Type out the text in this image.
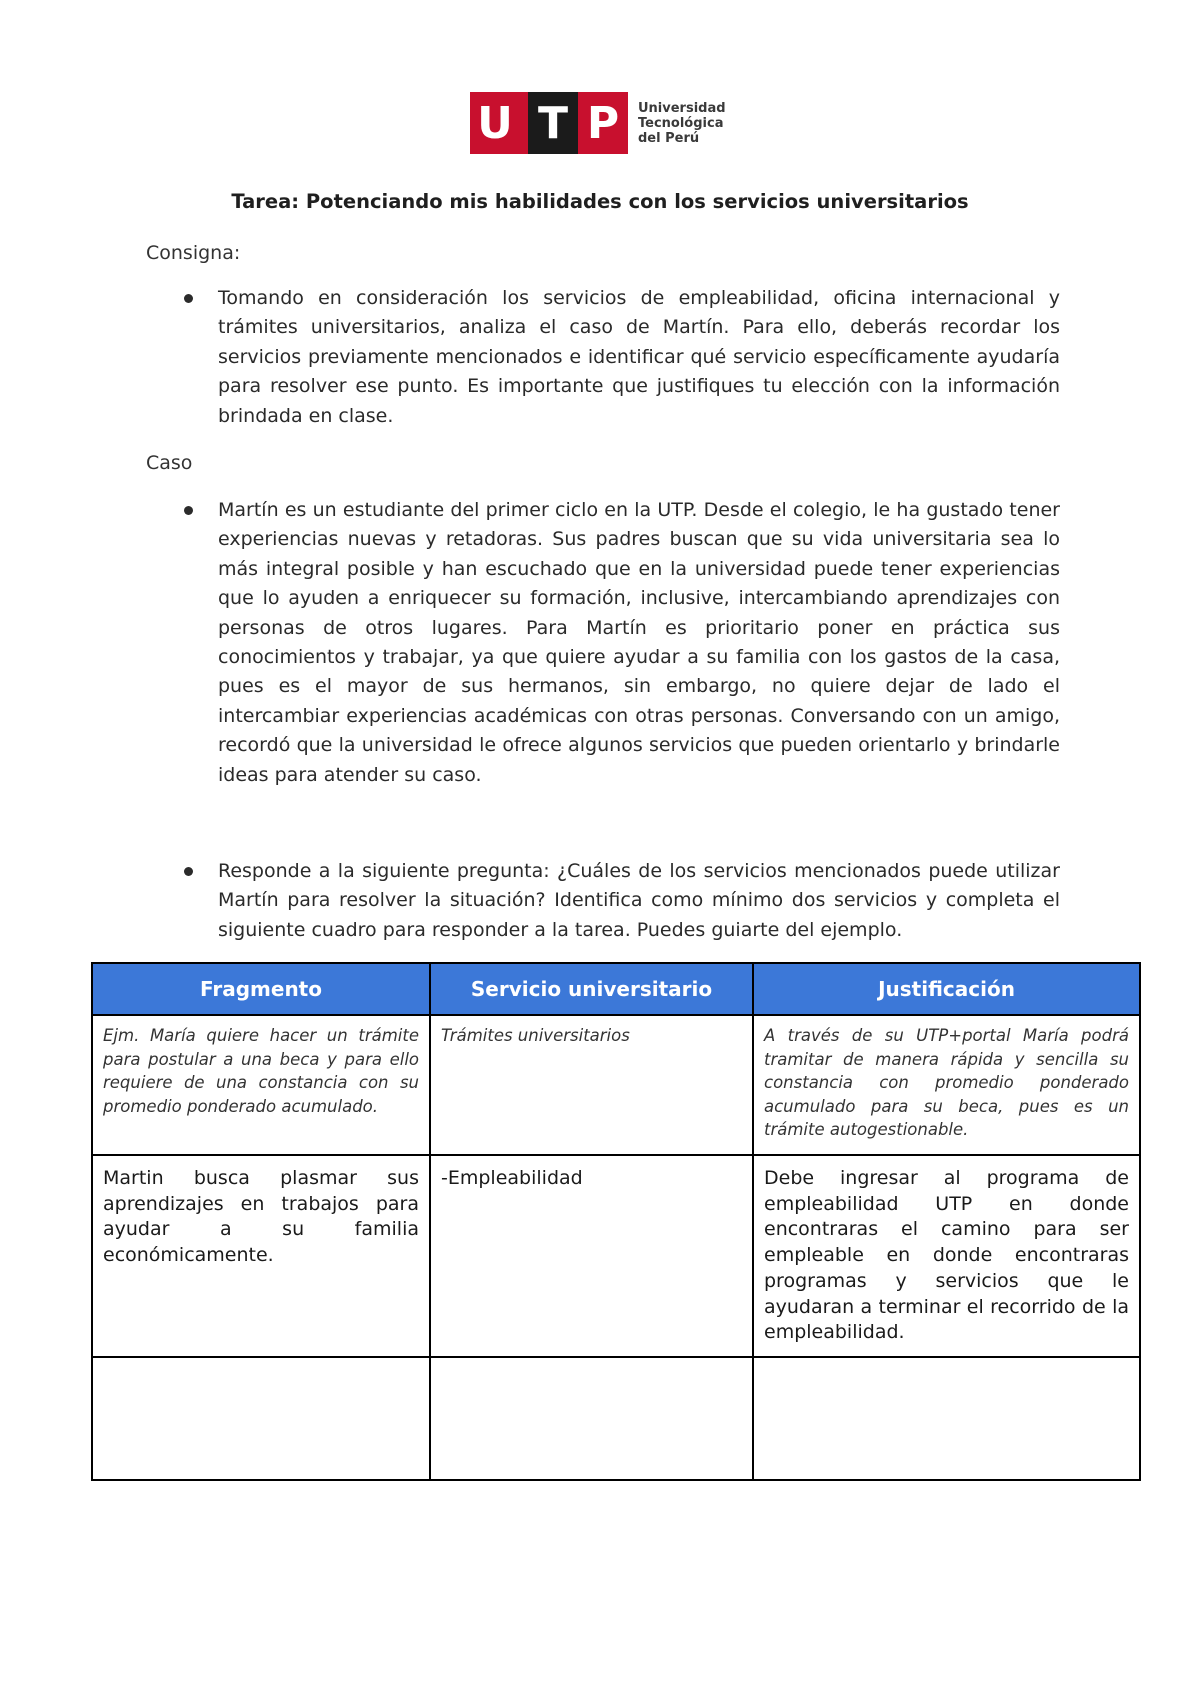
U T P	Universidad
Tecnológica
del Perú
Tarea: Potenciando mis habilidades con los servicios universitarios
Consigna:
Tomando en consideración los servicios de empleabilidad, oficina internacional y trámites universitarios, analiza el caso de Martín. Para ello, deberás recordar los servicios previamente mencionados e identificar qué servicio específicamente ayudaría para resolver ese punto. Es importante que justifiques tu elección con la información brindada en clase.
Caso
Martín es un estudiante del primer ciclo en la UTP. Desde el colegio, le ha gustado tener experiencias nuevas y retadoras. Sus padres buscan que su vida universitaria sea lo más integral posible y han escuchado que en la universidad puede tener experiencias que lo ayuden a enriquecer su formación, inclusive, intercambiando aprendizajes con personas de otros lugares. Para Martín es prioritario poner en práctica sus conocimientos y trabajar, ya que quiere ayudar a su familia con los gastos de la casa, pues es el mayor de sus hermanos, sin embargo, no quiere dejar de lado el intercambiar experiencias académicas con otras personas. Conversando con un amigo, recordó que la universidad le ofrece algunos servicios que pueden orientarlo y brindarle ideas para atender su caso.
Responde a la siguiente pregunta: ¿Cuáles de los servicios mencionados puede utilizar Martín para resolver la situación? Identifica como mínimo dos servicios y completa el siguiente cuadro para responder a la tarea. Puedes guiarte del ejemplo.
Fragmento	Servicio universitario	Justificación
Ejm. María quiere hacer un trámite para postular a una beca y para ello requiere de una constancia con su promedio ponderado acumulado.	Trámites universitarios	A través de su UTP+portal María podrá tramitar de manera rápida y sencilla su constancia con promedio ponderado acumulado para su beca, pues es un trámite autogestionable.
Martin busca plasmar sus aprendizajes en trabajos para ayudar a su familia económicamente.	-Empleabilidad	Debe ingresar al programa de empleabilidad UTP en donde encontraras el camino para ser empleable en donde encontraras programas y servicios que le ayudaran a terminar el recorrido de la empleabilidad.
